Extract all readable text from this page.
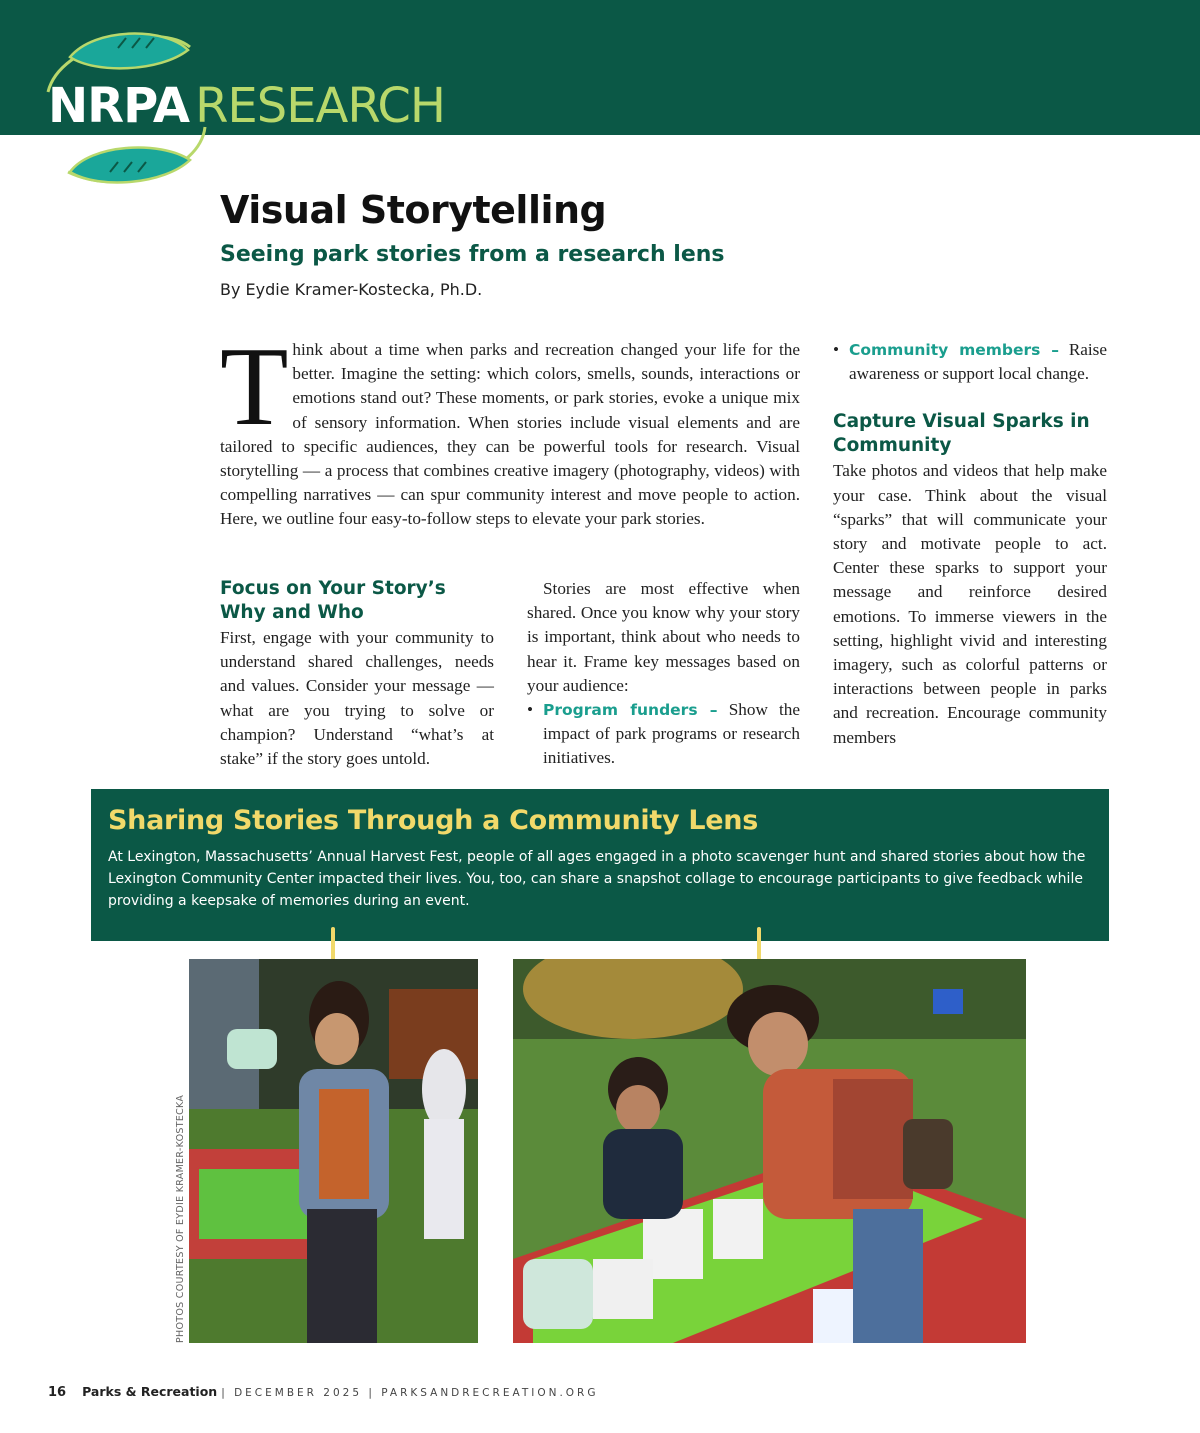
NRPA RESEARCH
Visual Storytelling
Seeing park stories from a research lens
By Eydie Kramer-Kostecka, Ph.D.
T hink about a time when parks and recreation changed your life for the better. Imagine the setting: which colors, smells, sounds, interactions or emotions stand out? These moments, or park stories, evoke a unique mix of sensory information. When stories include visual elements and are tailored to specific audiences, they can be powerful tools for research. Visual storytelling — a process that combines creative imagery (photography, videos) with compelling narratives — can spur community interest and move people to action. Here, we outline four easy-to-follow steps to elevate your park stories.
Focus on Your Story’s Why and Who

First, engage with your community to understand shared challenges, needs and values. Consider your message — what are you trying to solve or champion? Understand “what’s at stake” if the story goes untold.

Stories are most effective when shared. Once you know why your story is important, think about who needs to hear it. Frame key messages based on your audience:

• Program funders – Show the impact of park programs or research initiatives.
• Community members – Raise awareness or support local change.
Capture Visual Sparks in Community

Take photos and videos that help make your case. Think about the visual “sparks” that will communicate your story and motivate people to act. Center these sparks to support your message and reinforce desired emotions. To immerse viewers in the setting, highlight vivid and interesting imagery, such as colorful patterns or interactions between people in parks and recreation. Encourage community members

Sharing Stories Through a Community Lens
At Lexington, Massachusetts’ Annual Harvest Fest, people of all ages engaged in a photo scavenger hunt and shared stories about how the Lexington Community Center impacted their lives. You, too, can share a snapshot collage to encourage participants to give feedback while providing a keepsake of memories during an event.
PHOTOS COURTESY OF EYDIE KRAMER-KOSTECKA
16 Parks & Recreation | DECEMBER 2025 | PARKSANDRECREATION.ORG
